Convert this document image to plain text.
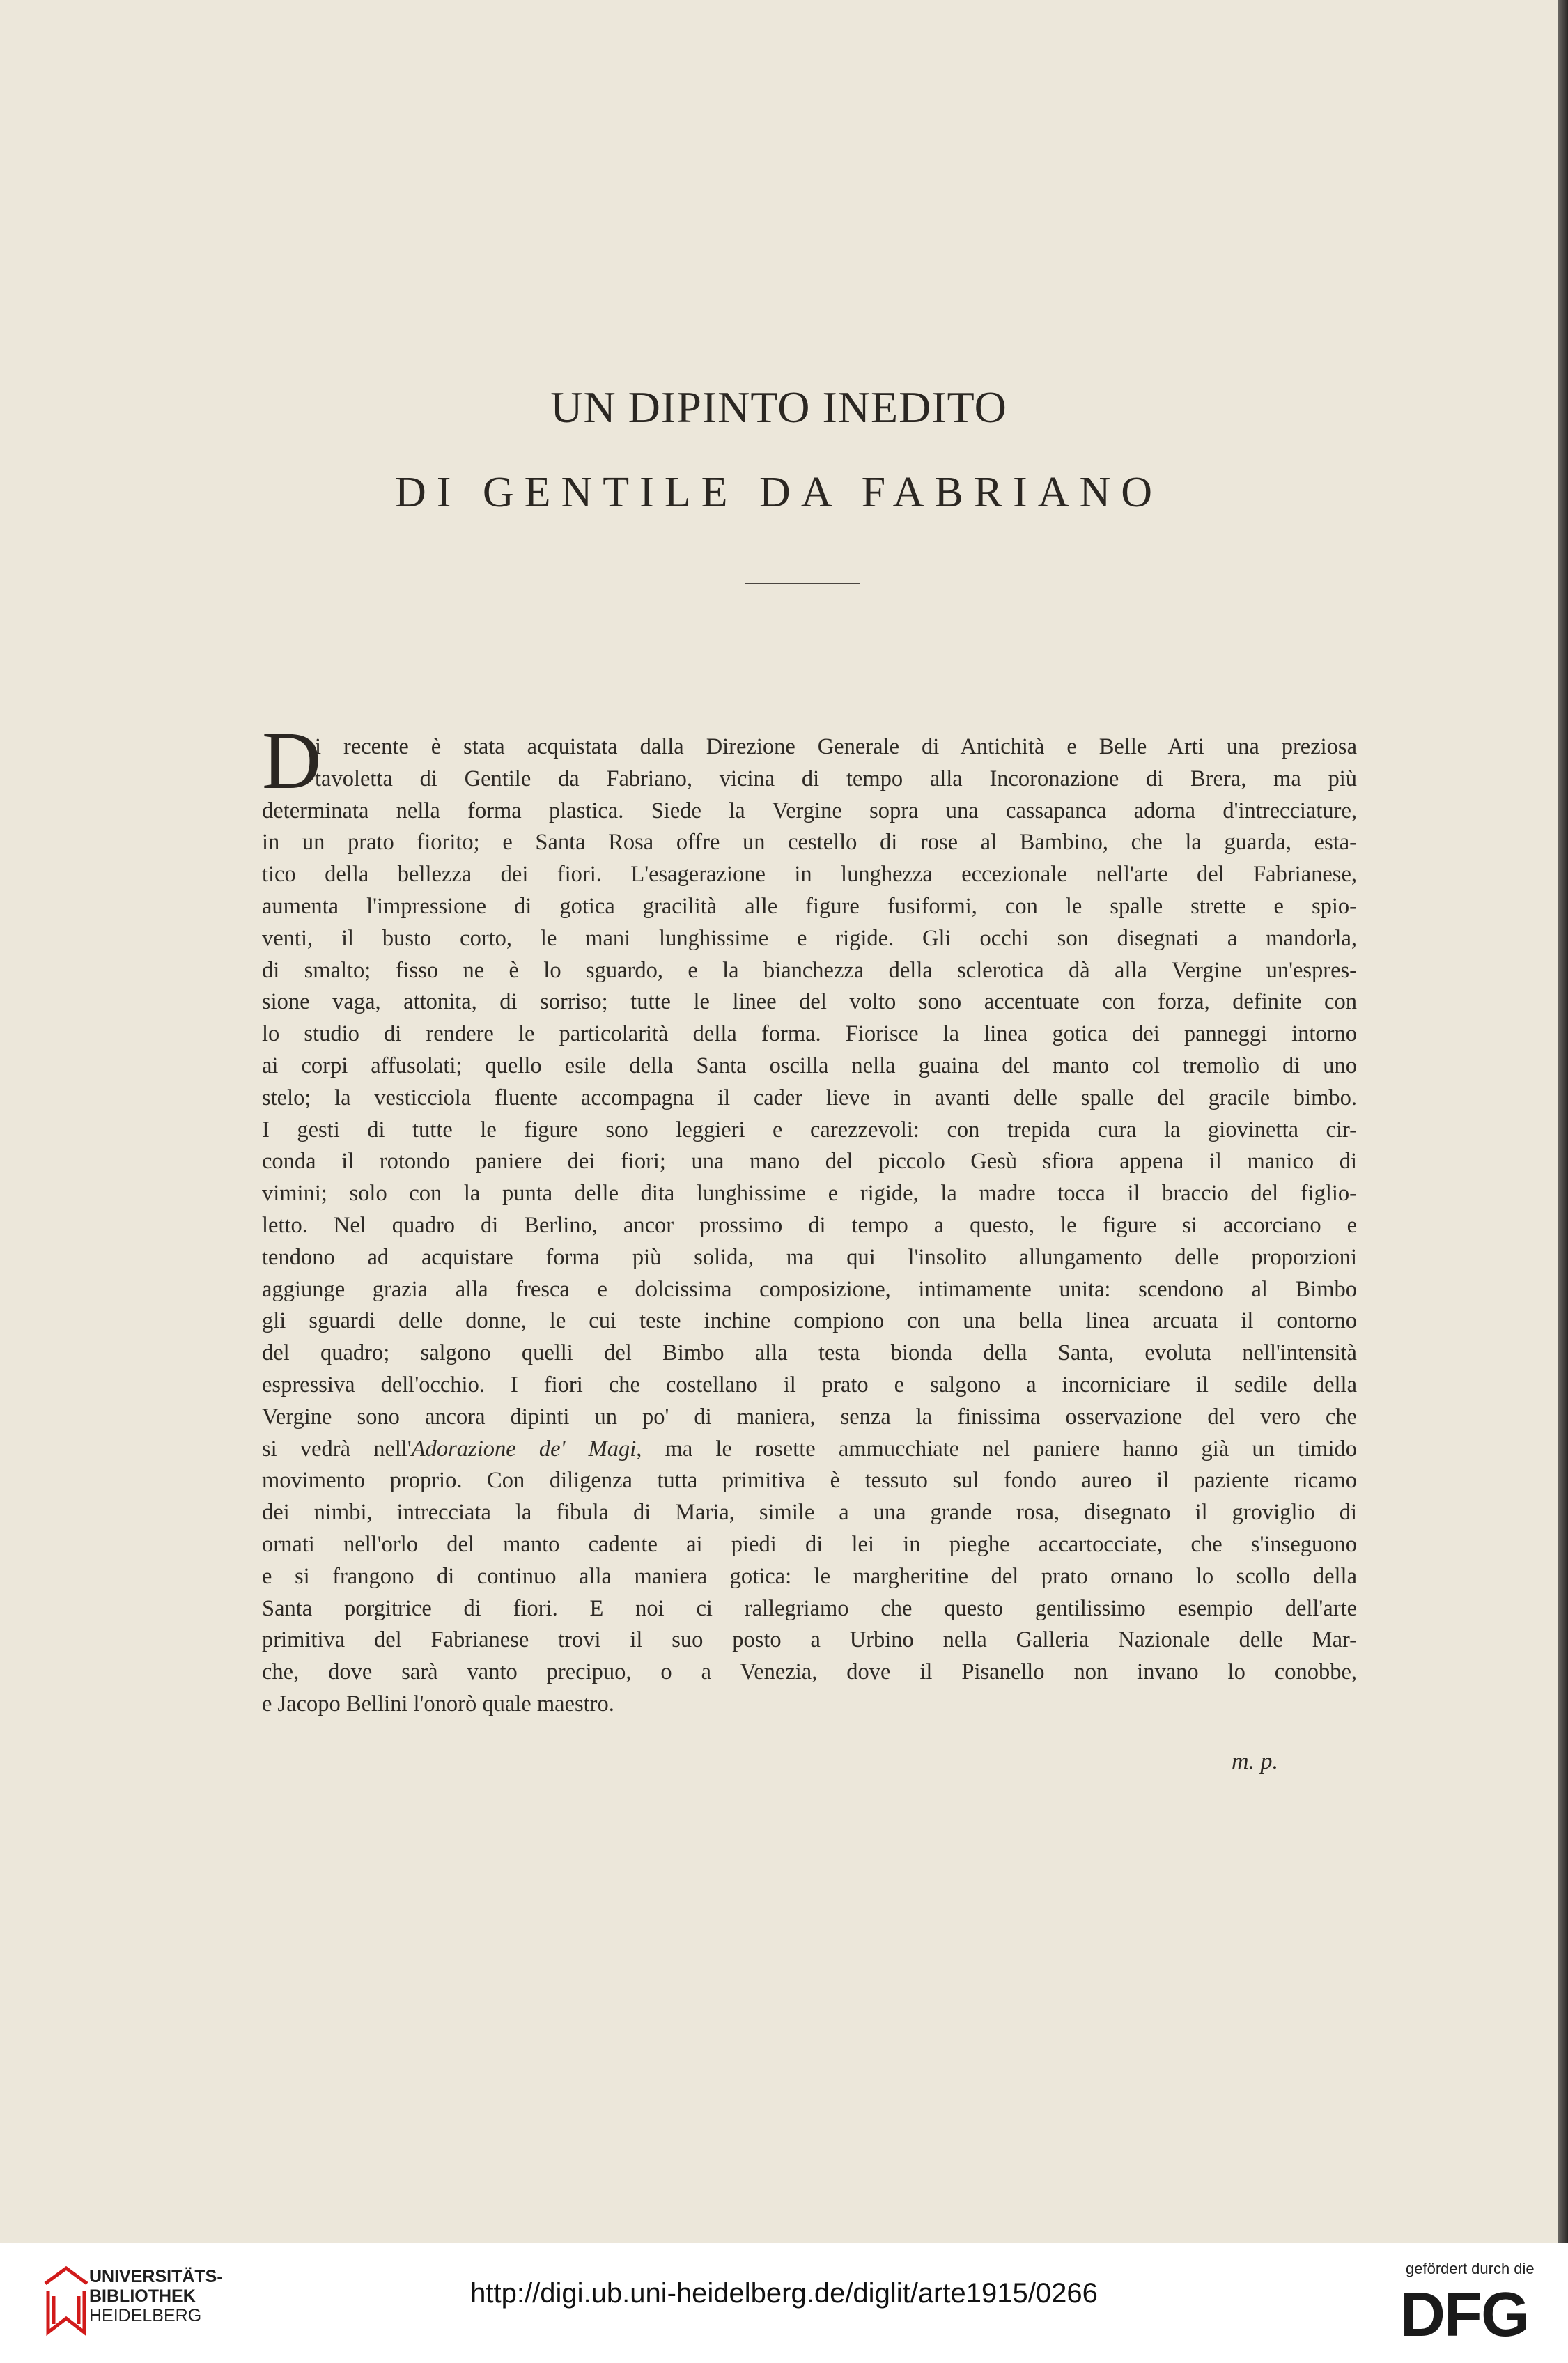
UN DIPINTO INEDITO
DI GENTILE DA FABRIANO
D
i recente è stata acquistata dalla Direzione Generale di Antichità e Belle Arti una preziosa
tavoletta di Gentile da Fabriano, vicina di tempo alla Incoronazione di Brera, ma più
determinata nella forma plastica. Siede la Vergine sopra una cassapanca adorna d'intrecciature,
in un prato fiorito; e Santa Rosa offre un cestello di rose al Bambino, che la guarda, esta-
tico della bellezza dei fiori. L'esagerazione in lunghezza eccezionale nell'arte del Fabrianese,
aumenta l'impressione di gotica gracilità alle figure fusiformi, con le spalle strette e spio-
venti, il busto corto, le mani lunghissime e rigide. Gli occhi son disegnati a mandorla,
di smalto; fisso ne è lo sguardo, e la bianchezza della sclerotica dà alla Vergine un'espres-
sione vaga, attonita, di sorriso; tutte le linee del volto sono accentuate con forza, definite con
lo studio di rendere le particolarità della forma. Fiorisce la linea gotica dei panneggi intorno
ai corpi affusolati; quello esile della Santa oscilla nella guaina del manto col tremolìo di uno
stelo; la vesticciola fluente accompagna il cader lieve in avanti delle spalle del gracile bimbo.
I gesti di tutte le figure sono leggieri e carezzevoli: con trepida cura la giovinetta cir-
conda il rotondo paniere dei fiori; una mano del piccolo Gesù sfiora appena il manico di
vimini; solo con la punta delle dita lunghissime e rigide, la madre tocca il braccio del figlio-
letto. Nel quadro di Berlino, ancor prossimo di tempo a questo, le figure si accorciano e
tendono ad acquistare forma più solida, ma qui l'insolito allungamento delle proporzioni
aggiunge grazia alla fresca e dolcissima composizione, intimamente unita: scendono al Bimbo
gli sguardi delle donne, le cui teste inchine compiono con una bella linea arcuata il contorno
del quadro; salgono quelli del Bimbo alla testa bionda della Santa, evoluta nell'intensità
espressiva dell'occhio. I fiori che costellano il prato e salgono a incorniciare il sedile della
Vergine sono ancora dipinti un po' di maniera, senza la finissima osservazione del vero che
si vedrà nell'Adorazione de' Magi, ma le rosette ammucchiate nel paniere hanno già un timido
movimento proprio. Con diligenza tutta primitiva è tessuto sul fondo aureo il paziente ricamo
dei nimbi, intrecciata la fibula di Maria, simile a una grande rosa, disegnato il groviglio di
ornati nell'orlo del manto cadente ai piedi di lei in pieghe accartocciate, che s'inseguono
e si frangono di continuo alla maniera gotica: le margheritine del prato ornano lo scollo della
Santa porgitrice di fiori. E noi ci rallegriamo che questo gentilissimo esempio dell'arte
primitiva del Fabrianese trovi il suo posto a Urbino nella Galleria Nazionale delle Mar-
che, dove sarà vanto precipuo, o a Venezia, dove il Pisanello non invano lo conobbe,
e Jacopo Bellini l'onorò quale maestro.
m. p.
UNIVERSITÄTS-
BIBLIOTHEK
HEIDELBERG
http://digi.ub.uni-heidelberg.de/diglit/arte1915/0266
gefördert durch die
DFG
